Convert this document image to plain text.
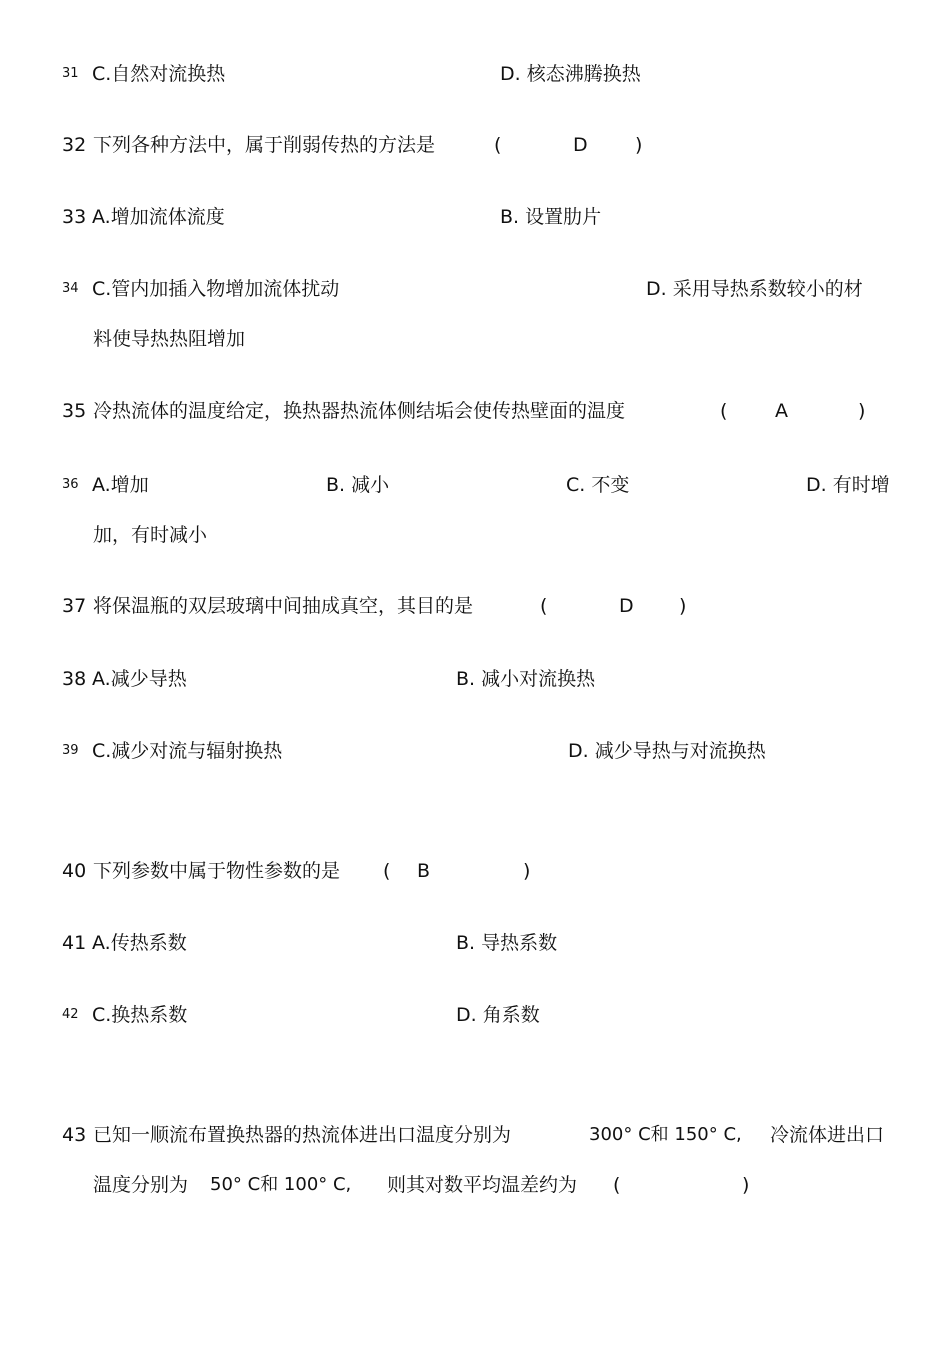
31 C.自然对流换热	D. 核态沸腾换热
32 下列各种方法中，属于削弱传热的方法是	(	D )
33 A.增加流体流度	B. 设置肋片
34 C.管内加插入物增加流体扰动	D. 采用导热系数较小的材
料使导热热阻增加
35 冷热流体的温度给定，换热器热流体侧结垢会使传热壁面的温度	(	A	)
36 A.增加	B. 减小	C. 不变	D. 有时增
加，有时减小
37 将保温瓶的双层玻璃中间抽成真空，其目的是	(	D )
38 A.减少导热	B. 减小对流换热
39 C.减少对流与辐射换热	D. 减少导热与对流换热
40 下列参数中属于物性参数的是 ( B	)
41 A.传热系数	B. 导热系数
42 C.换热系数	D. 角系数
43 已知一顺流布置换热器的热流体进出口温度分别为	300° C和 150° C, 冷流体进出口
温度分别为 50° C和 100° C, 则其对数平均温差约为 (	)
